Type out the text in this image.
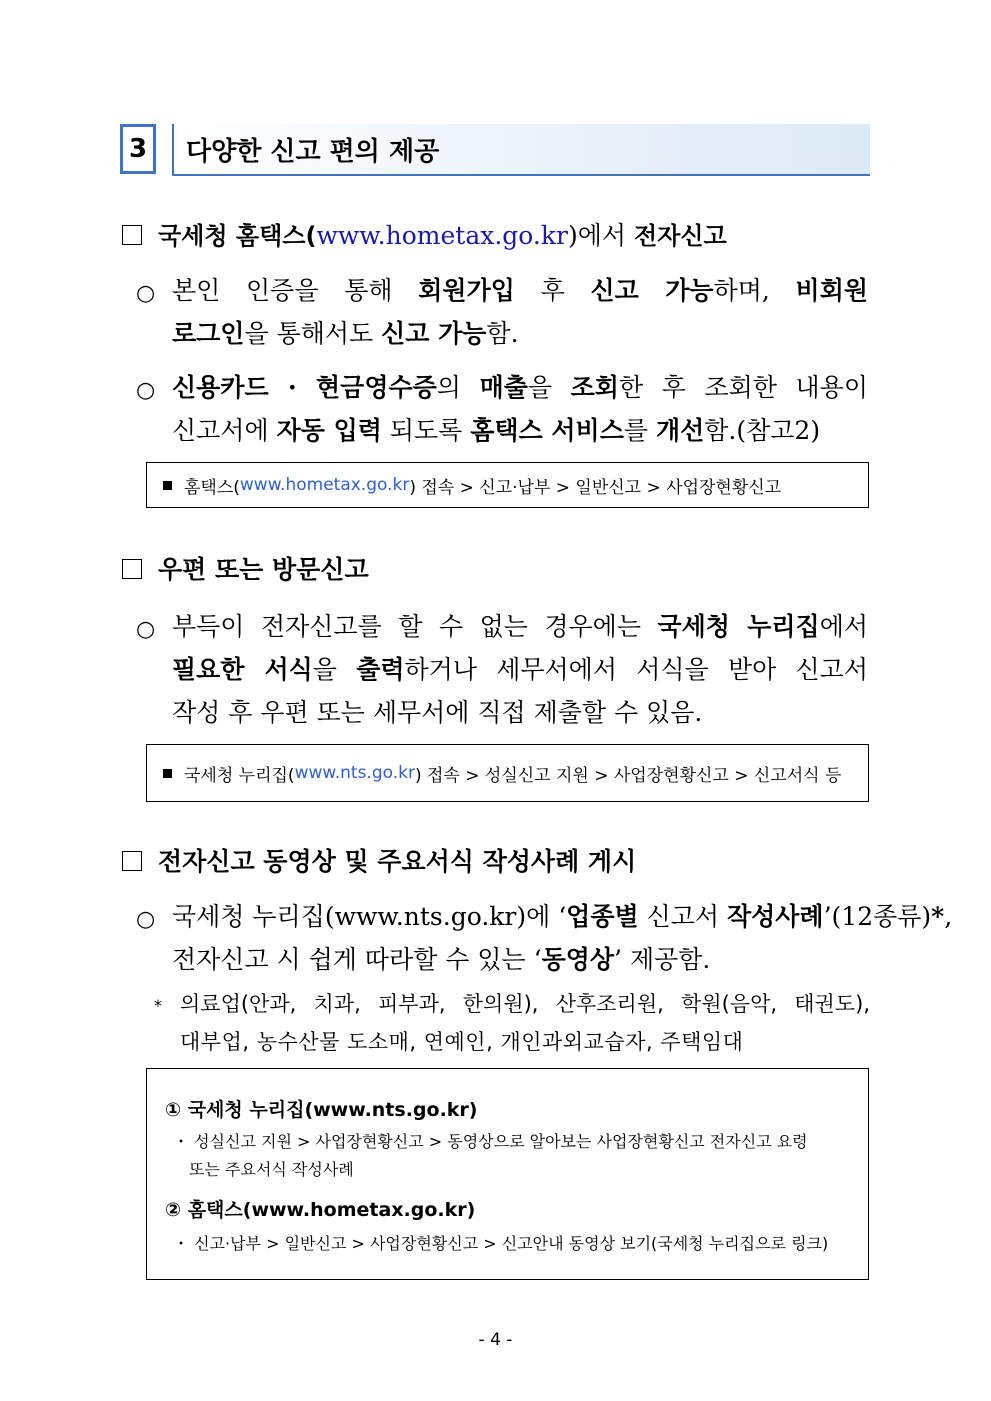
3	다양한 신고 편의 제공
국세청 홈택스(www.hometax.go.kr)에서 전자신고
○ 본인 인증을 통해 회원가입 후 신고 가능하며, 비회원
로그인을 통해서도 신고 가능함.
○ 신용카드 · 현금영수증의 매출을 조회한 후 조회한 내용이
신고서에 자동 입력 되도록 홈택스 서비스를 개선함.(참고2)
홈택스( www.hometax.go.kr ) 접속 > 신고·납부 > 일반신고 > 사업장현황신고
우편 또는 방문신고
○ 부득이 전자신고를 할 수 없는 경우에는 국세청 누리집에서
필요한 서식을 출력하거나 세무서에서 서식을 받아 신고서
작성 후 우편 또는 세무서에 직접 제출할 수 있음.
국세청 누리집( www.nts.go.kr ) 접속 > 성실신고 지원 > 사업장현황신고 > 신고서식 등
전자신고 동영상 및 주요서식 작성사례 게시
○ 국세청 누리집(www.nts.go.kr)에 ‘업종별 신고서 작성사례’(12종류)*,
전자신고 시 쉽게 따라할 수 있는 ‘동영상’ 제공함.
* 의료업(안과, 치과, 피부과, 한의원), 산후조리원, 학원(음악, 태권도),
대부업, 농수산물 도소매, 연예인, 개인과외교습자, 주택임대
① 국세청 누리집(www.nts.go.kr)
・ 성실신고 지원 > 사업장현황신고 > 동영상으로 알아보는 사업장현황신고 전자신고 요령
또는 주요서식 작성사례
② 홈택스(www.hometax.go.kr)
・ 신고·납부 > 일반신고 > 사업장현황신고 > 신고안내 동영상 보기(국세청 누리집으로 링크)
- 4 -
